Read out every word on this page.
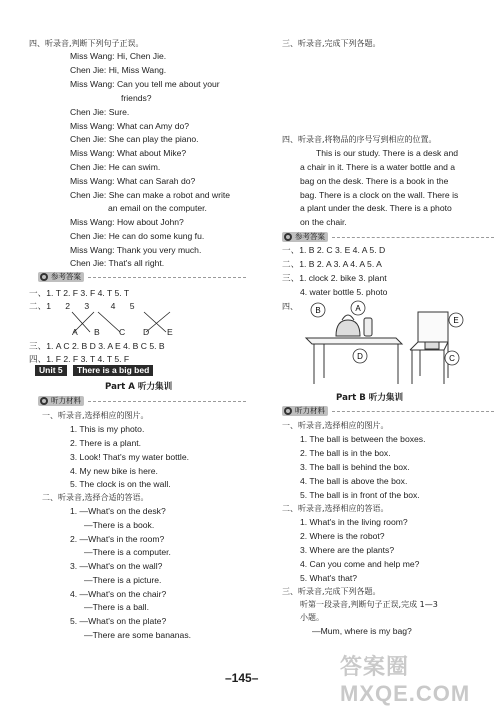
四、听录音,判断下列句子正误。
Miss Wang: Hi, Chen Jie.
Chen Jie: Hi, Miss Wang.
Miss Wang: Can you tell me about your
friends?
Chen Jie: Sure.
Miss Wang: What can Amy do?
Chen Jie: She can play the piano.
Miss Wang: What about Mike?
Chen Jie: He can swim.
Miss Wang: What can Sarah do?
Chen Jie: She can make a robot and write
an email on the computer.
Miss Wang: How about John?
Chen Jie: He can do some kung fu.
Miss Wang: Thank you very much.
Chen Jie: That's all right.
参考答案
一、1. T 2. F 3. F 4. T 5. T
二、1      2      3         4      5
A B C D E
三、1. A C 2. B D 3. A E 4. B C 5. B
四、1. F 2. F 3. T 4. T 5. F
Unit 5	There is a big bed
Part A 听力集训
听力材料
一、听录音,选择相应的图片。
1. This is my photo.
2. There is a plant.
3. Look! That's my water bottle.
4. My new bike is here.
5. The clock is on the wall.
二、听录音,选择合适的答语。
1. —What's on the desk?
—There is a book.
2. —What's in the room?
—There is a computer.
3. —What's on the wall?
—There is a picture.
4. —What's on the chair?
—There is a ball.
5. —What's on the plate?
—There are some bananas.
三、听录音,完成下列各题。
四、听录音,将物品的序号写到相应的位置。
This is our study. There is a desk and
a chair in it. There is a water bottle and a
bag on the desk. There is a book in the
bag. There is a clock on the wall. There is
a plant under the desk. There is a photo
on the chair.
参考答案
一、1. B 2. C 3. E 4. A 5. D
二、1. B 2. A 3. A 4. A 5. A
三、1. clock 2. bike 3. plant
4. water bottle 5. photo
四、 B	A
D
E
C
Part B 听力集训
听力材料
一、听录音,选择相应的图片。
1. The ball is between the boxes.
2. The ball is in the box.
3. The ball is behind the box.
4. The ball is above the box.
5. The ball is in front of the box.
二、听录音,选择相应的答语。
1. What's in the living room?
2. Where is the robot?
3. Where are the plants?
4. Can you come and help me?
5. What's that?
三、听录音,完成下列各题。
听第一段录音,判断句子正误,完成 1—3
小题。
—Mum, where is my bag?
–145–	答案圈 MXQE.COM
